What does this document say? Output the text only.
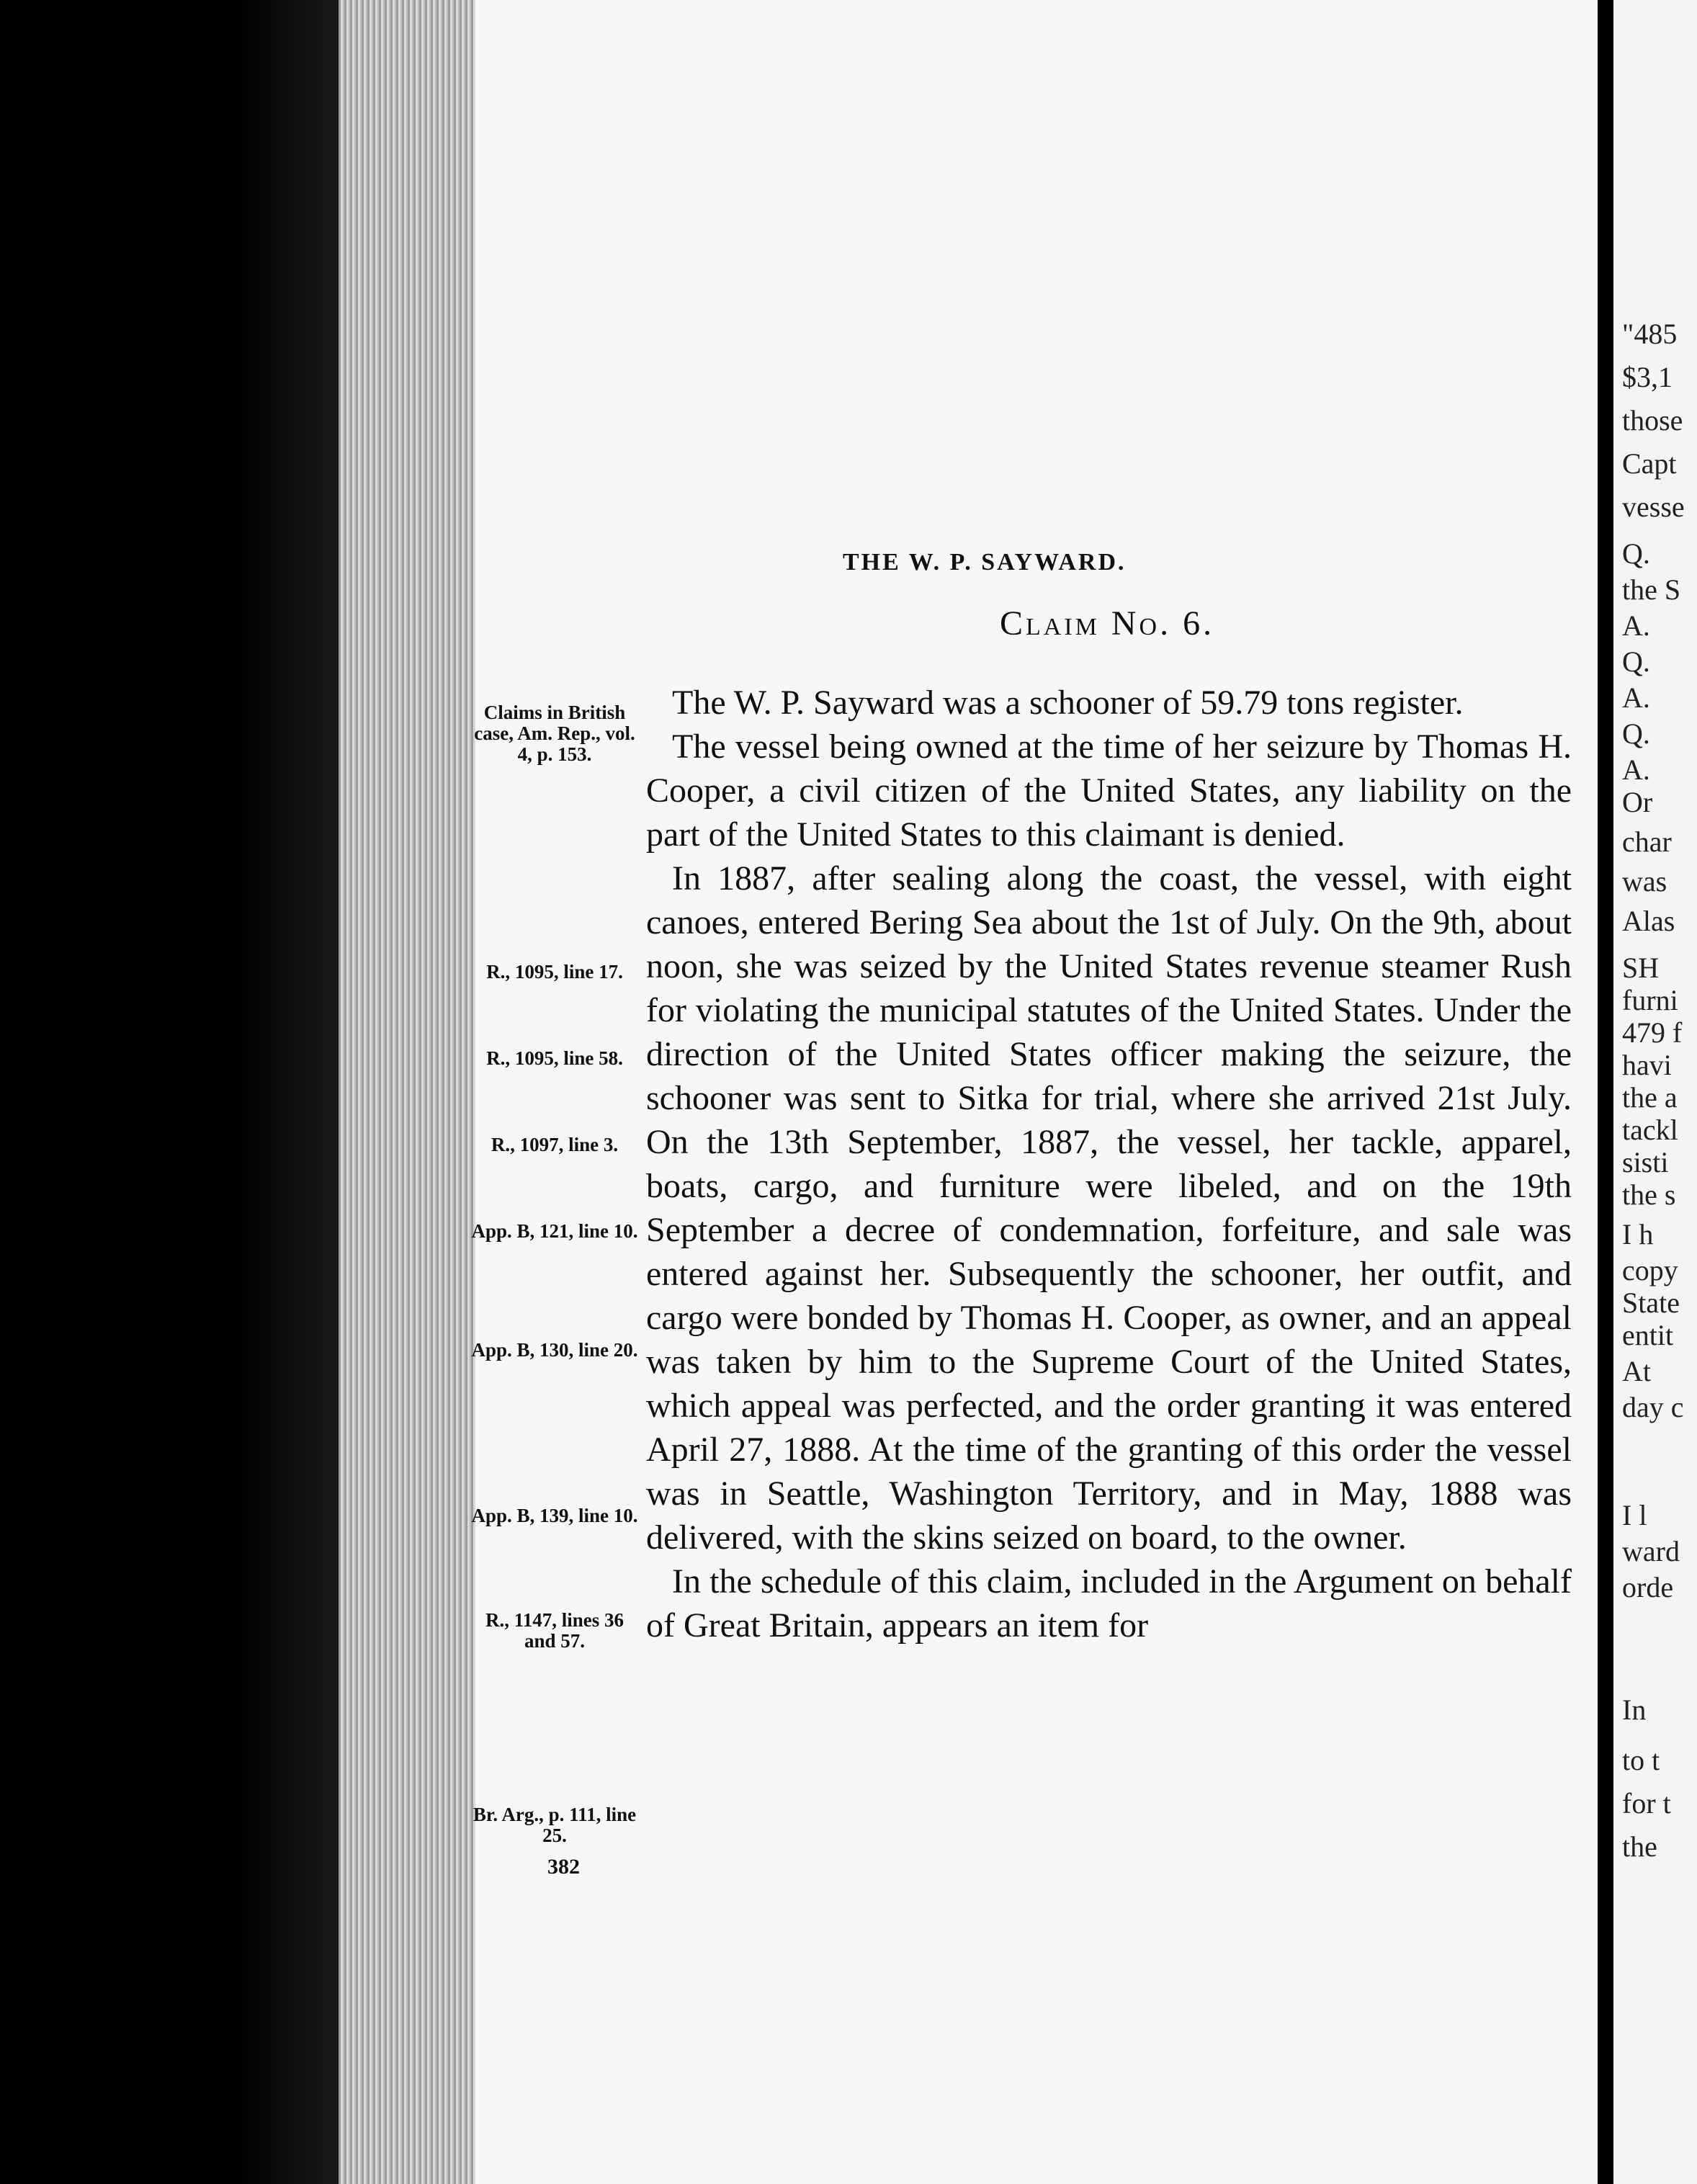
"485
$3,1
those
Capt
vesse
Q.
the S
A.
Q.
A.
Q.
A.
Or
char
was
Alas
SH
furni
479 f
havi
the a
tackl
sisti
the s
I h
copy
State
entit
At
day c
I l
ward
orde
In
to t
for t
the
THE W. P. SAYWARD.
Claim No. 6.
Claims in British case, Am. Rep., vol. 4, p. 153.
R., 1095, line 17.
R., 1095, line 58.
R., 1097, line 3.
App. B, 121, line 10.
App. B, 130, line 20.
App. B, 139, line 10.
R., 1147, lines 36 and 57.
Br. Arg., p. 111, line 25.

The W. P. Sayward was a schooner of 59.79 tons register.

The vessel being owned at the time of her seizure by Thomas H. Cooper, a civil citizen of the United States, any liability on the part of the United States to this claimant is denied.

In 1887, after sealing along the coast, the vessel, with eight canoes, entered Bering Sea about the 1st of July. On the 9th, about noon, she was seized by the United States revenue steamer Rush for violating the municipal statutes of the United States. Under the direction of the United States officer making the seizure, the schooner was sent to Sitka for trial, where she arrived 21st July. On the 13th September, 1887, the vessel, her tackle, apparel, boats, cargo, and furniture were libeled, and on the 19th September a decree of condemnation, forfeiture, and sale was entered against her. Subsequently the schooner, her outfit, and cargo were bonded by Thomas H. Cooper, as owner, and an appeal was taken by him to the Supreme Court of the United States, which appeal was perfected, and the order granting it was entered April 27, 1888. At the time of the granting of this order the vessel was in Seattle, Washington Territory, and in May, 1888 was delivered, with the skins seized on board, to the owner.

In the schedule of this claim, included in the Argument on behalf of Great Britain, appears an item for

382
